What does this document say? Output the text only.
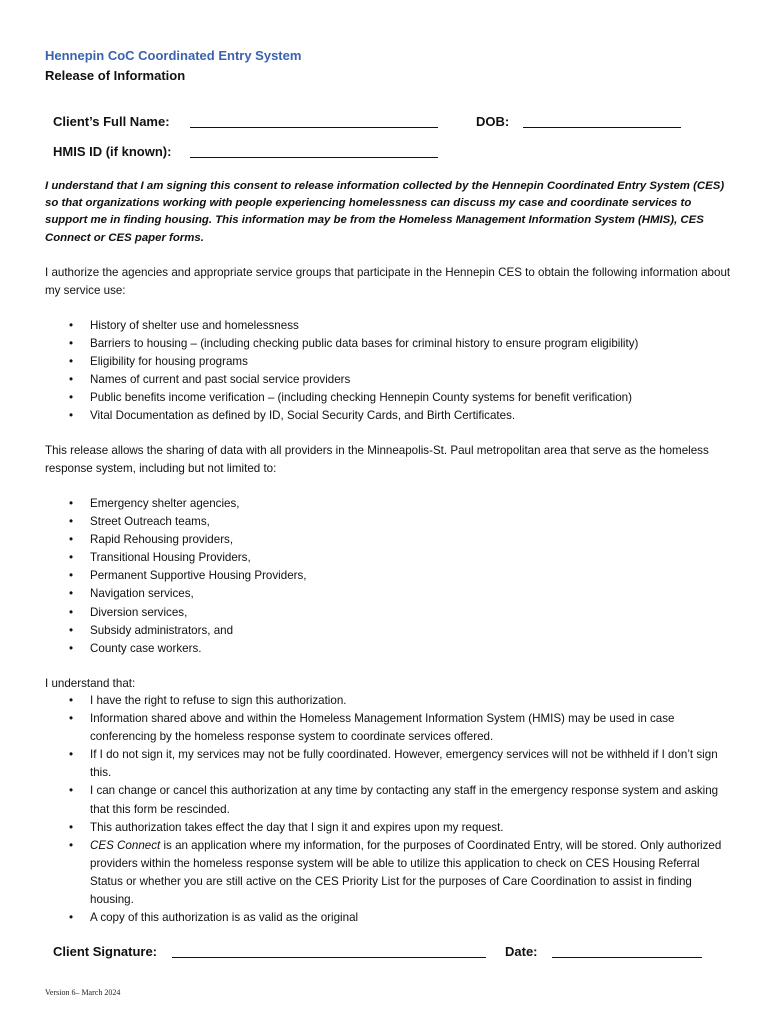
Hennepin CoC Coordinated Entry System
Release of Information
Client’s Full Name:	DOB:
HMIS ID (if known):
I understand that I am signing this consent to release information collected by the Hennepin Coordinated Entry System (CES) so that organizations working with people experiencing homelessness can discuss my case and coordinate services to support me in finding housing. This information may be from the Homeless Management Information System (HMIS), CES Connect or CES paper forms.
I authorize the agencies and appropriate service groups that participate in the Hennepin CES to obtain the following information about my service use:
• History of shelter use and homelessness
• Barriers to housing – (including checking public data bases for criminal history to ensure program eligibility)
• Eligibility for housing programs
• Names of current and past social service providers
• Public benefits income verification – (including checking Hennepin County systems for benefit verification)
• Vital Documentation as defined by ID, Social Security Cards, and Birth Certificates.
This release allows the sharing of data with all providers in the Minneapolis-St. Paul metropolitan area that serve as the homeless response system, including but not limited to:
• Emergency shelter agencies,
• Street Outreach teams,
• Rapid Rehousing providers,
• Transitional Housing Providers,
• Permanent Supportive Housing Providers,
• Navigation services,
• Diversion services,
• Subsidy administrators, and
• County case workers.
I understand that:
• I have the right to refuse to sign this authorization.
• Information shared above and within the Homeless Management Information System (HMIS) may be used in case conferencing by the homeless response system to coordinate services offered.
• If I do not sign it, my services may not be fully coordinated. However, emergency services will not be withheld if I don’t sign this.
• I can change or cancel this authorization at any time by contacting any staff in the emergency response system and asking that this form be rescinded.
• This authorization takes effect the day that I sign it and expires upon my request.
• CES Connect is an application where my information, for the purposes of Coordinated Entry, will be stored. Only authorized providers within the homeless response system will be able to utilize this application to check on CES Housing Referral Status or whether you are still active on the CES Priority List for the purposes of Care Coordination to assist in finding housing.
• A copy of this authorization is as valid as the original
Client Signature:	Date:
Version 6– March 2024
